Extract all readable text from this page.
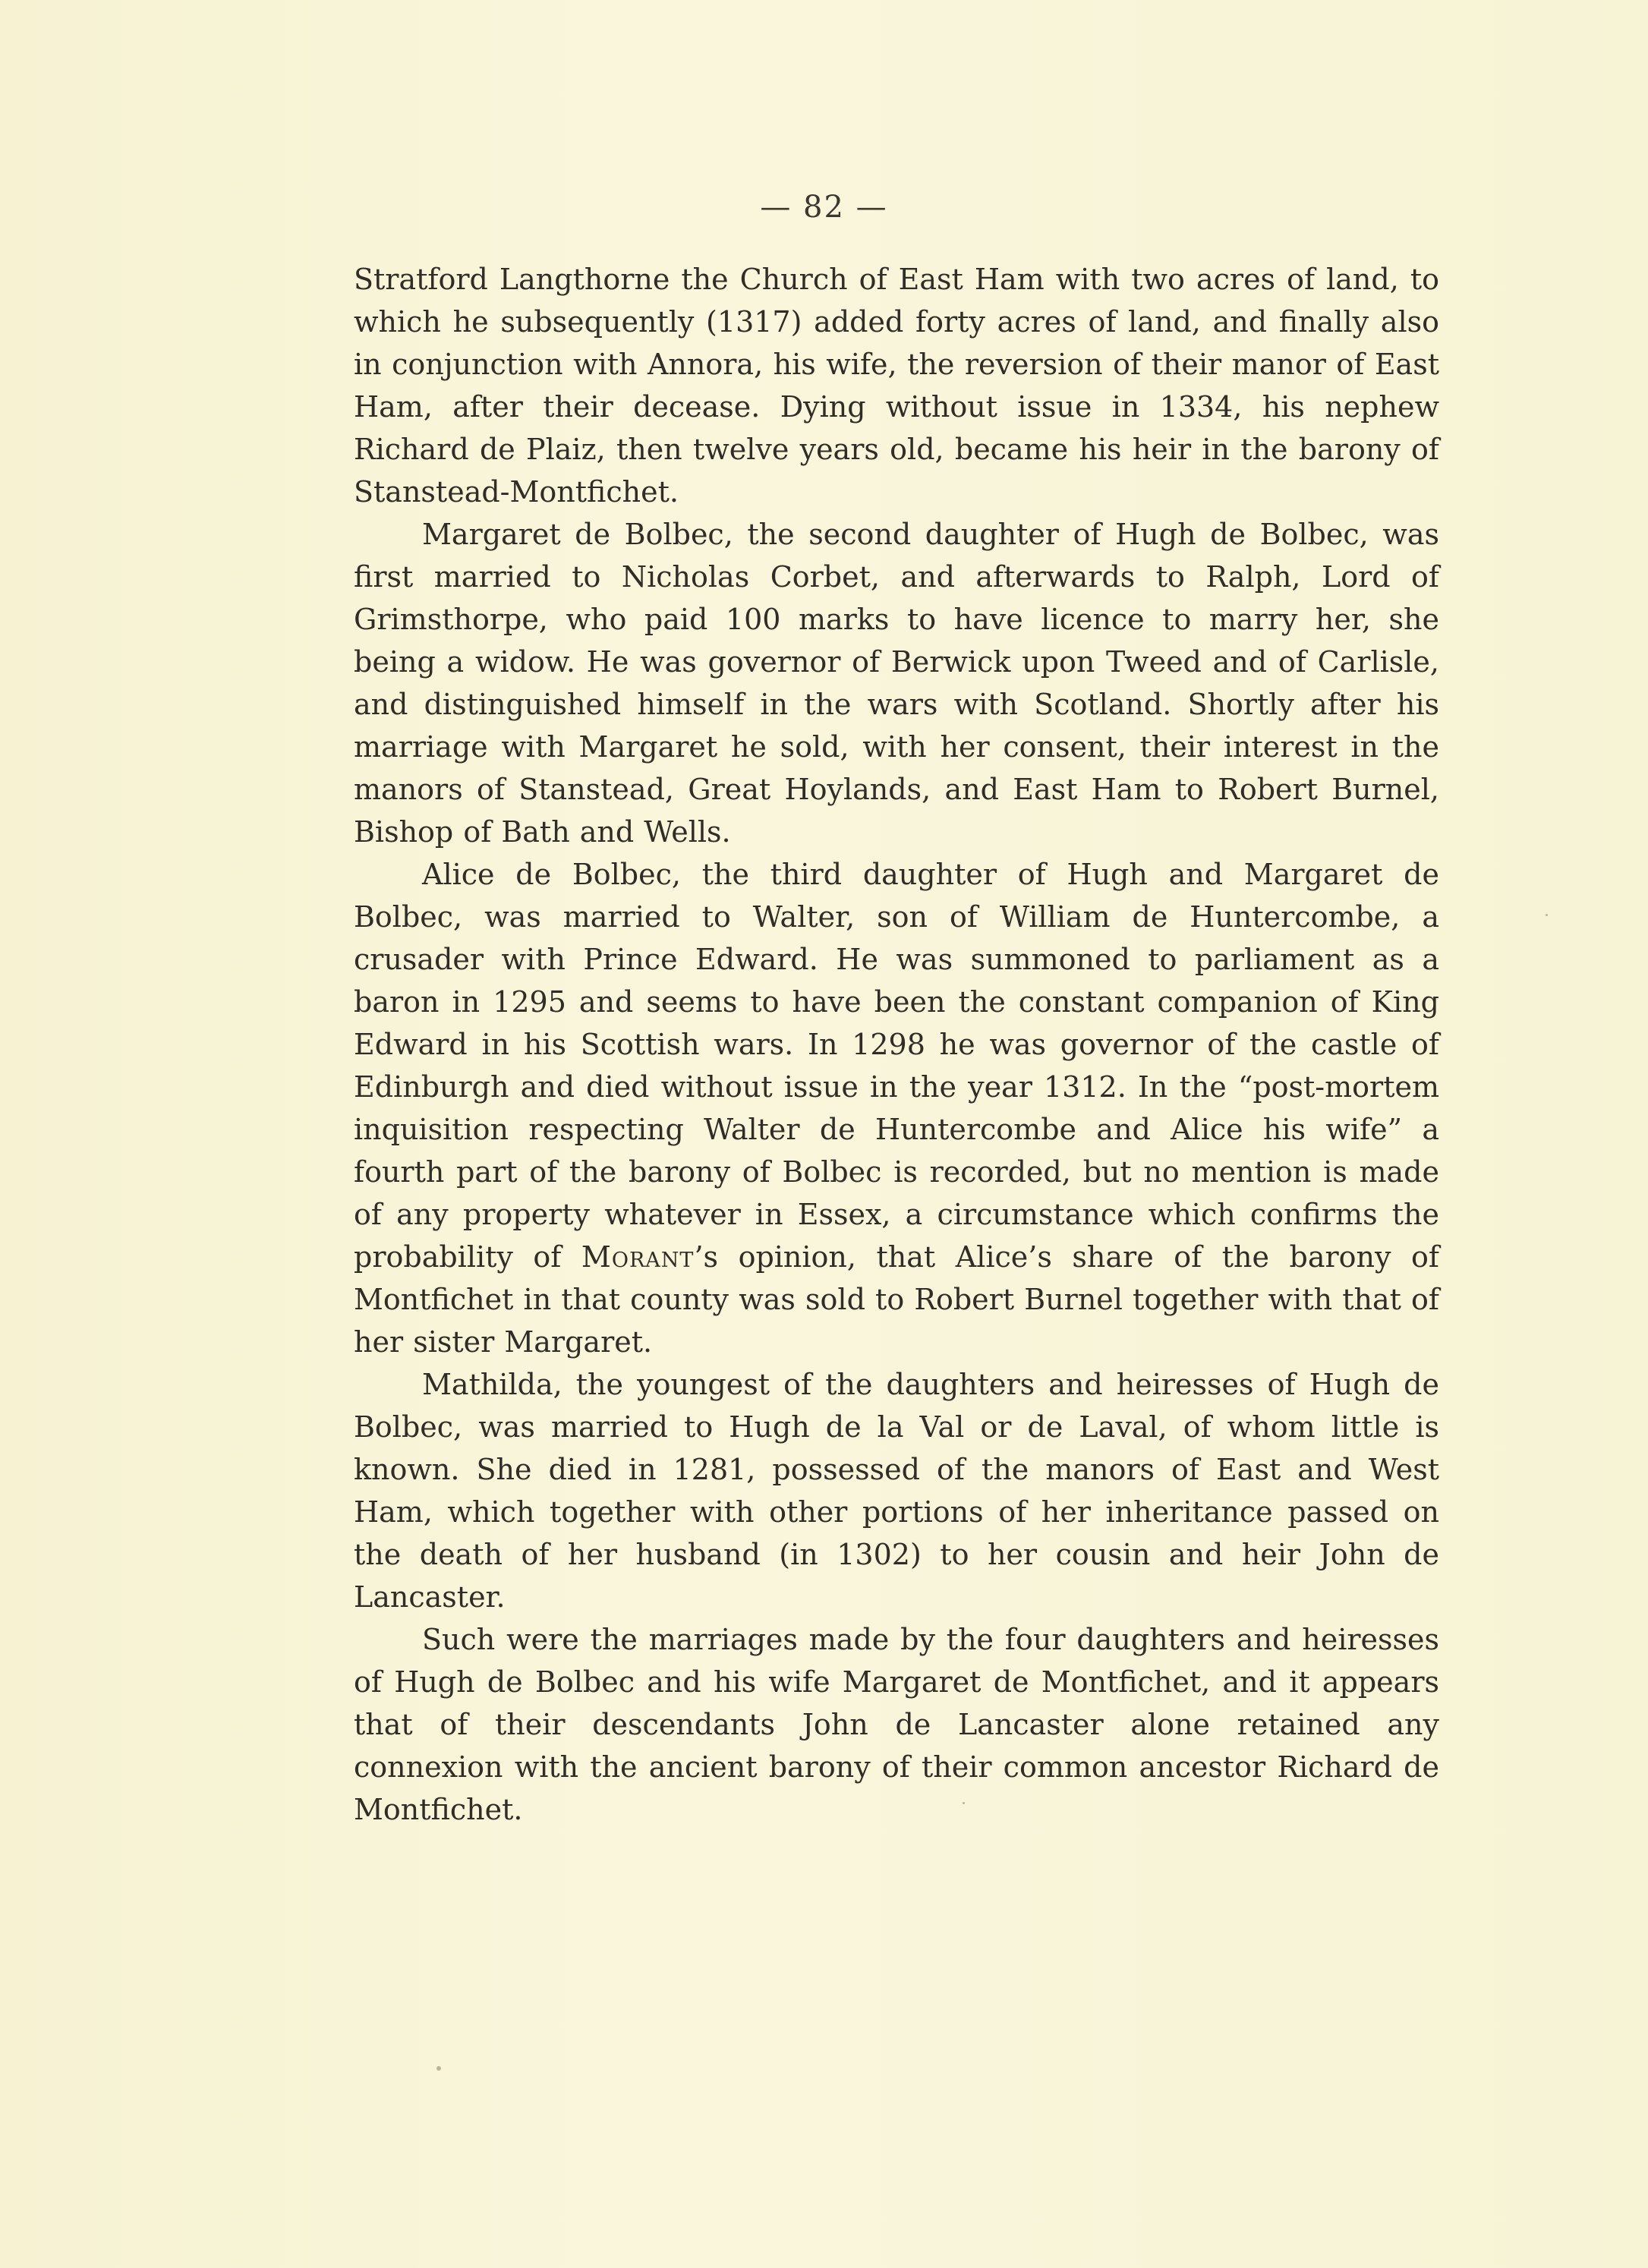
— 82 —

Stratford Langthorne the Church of East Ham with two acres of land, to which he subsequently (1317) added forty acres of land, and finally also in conjunction with Annora, his wife, the reversion of their manor of East Ham, after their decease. Dying without issue in 1334, his nephew Richard de Plaiz, then twelve years old, became his heir in the barony of Stanstead-Montfichet.

Margaret de Bolbec, the second daughter of Hugh de Bolbec, was first married to Nicholas Corbet, and afterwards to Ralph, Lord of Grimsthorpe, who paid 100 marks to have licence to marry her, she being a widow. He was governor of Berwick upon Tweed and of Carlisle, and distinguished himself in the wars with Scotland. Shortly after his marriage with Margaret he sold, with her consent, their interest in the manors of Stanstead, Great Hoylands, and East Ham to Robert Burnel, Bishop of Bath and Wells.

Alice de Bolbec, the third daughter of Hugh and Margaret de Bolbec, was married to Walter, son of William de Huntercombe, a crusader with Prince Edward. He was summoned to parliament as a baron in 1295 and seems to have been the constant companion of King Edward in his Scottish wars. In 1298 he was governor of the castle of Edinburgh and died without issue in the year 1312. In the “post-mortem inquisition respecting Walter de Huntercombe and Alice his wife” a fourth part of the barony of Bolbec is recorded, but no mention is made of any property whatever in Essex, a circumstance which confirms the probability of Morant’s opinion, that Alice’s share of the barony of Montfichet in that county was sold to Robert Burnel together with that of her sister Margaret.

Mathilda, the youngest of the daughters and heiresses of Hugh de Bolbec, was married to Hugh de la Val or de Laval, of whom little is known. She died in 1281, possessed of the manors of East and West Ham, which together with other portions of her inheritance passed on the death of her husband (in 1302) to her cousin and heir John de Lancaster.

Such were the marriages made by the four daughters and heiresses of Hugh de Bolbec and his wife Margaret de Montfichet, and it appears that of their descendants John de Lancaster alone retained any connexion with the ancient barony of their common ancestor Richard de Montfichet.
